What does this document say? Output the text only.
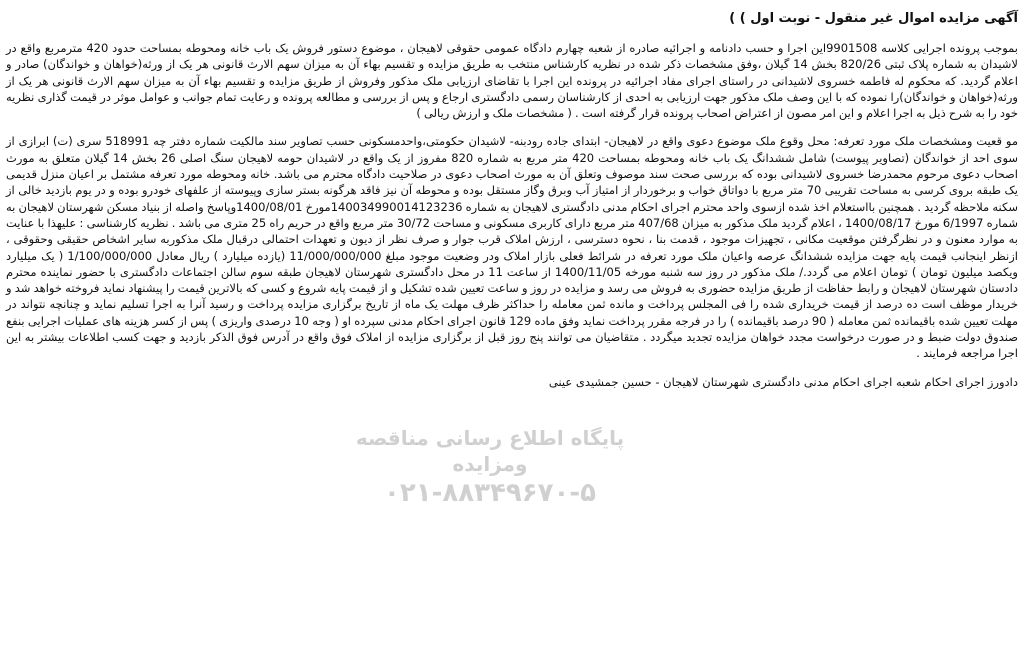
آگهی مزایده اموال غیر منقول - نوبت اول ) )
بموجب پرونده اجرایی کلاسه 9901508این اجرا و حسب دادنامه و اجرائیه صادره از شعبه چهارم دادگاه عمومی حقوقی لاهیجان ، موضوع دستور فروش یک باب خانه ومحوطه بمساحت حدود 420 مترمربع واقع در لاشیدان به شماره پلاک ثبتی 820/26 بخش 14 گیلان ،وفق مشخصات ذکر شده در نظریه کارشناس منتخب به طریق مزایده و تقسیم بهاء آن به میزان سهم الارث قانونی هر یک از ورثه(خواهان و خواندگان) صادر و اعلام گردید. که محکوم له فاطمه خسروی لاشیدانی در راستای اجرای مفاد اجرائیه در پرونده این اجرا با تقاضای ارزیابی ملک مذکور وفروش از طریق مزایده و تقسیم بهاء آن به میزان سهم الارث قانونی هر یک از ورثه(خواهان و خواندگان)را نموده که با این وصف ملک مذکور جهت ارزیابی به احدی از کارشناسان رسمی دادگستری ارجاع و پس از بررسی و مطالعه پرونده و رعایت تمام جوانب و عوامل موثر در قیمت گذاری نظریه خود را به شرح ذیل به اجرا اعلام و این امر مصون از اعتراض اصحاب پرونده قرار گرفته است . ( مشخصات ملک و ارزش ریالی )
مو قعیت ومشخصات ملک مورد تعرفه: محل وقوع ملک موضوع دعوی واقع در لاهیجان- ابتدای جاده رودبنه- لاشیدان حکومتی،واحدمسکونی حسب تصاویر سند مالکیت شماره دفتر چه 518991 سری (ت) ابرازی از سوی احد از خواندگان (تصاویر پیوست) شامل ششدانگ یک باب خانه ومحوطه بمساحت 420 متر مربع به شماره 820 مفروز از یک واقع در لاشیدان حومه لاهیجان سنگ اصلی 26 بخش 14 گیلان متعلق به مورث اصحاب دعوی مرحوم محمدرضا خسروی لاشیدانی بوده که بررسی صحت سند موصوف وتعلق آن به مورث اصحاب دعوی در صلاحیت دادگاه محترم می باشد. خانه ومحوطه مورد تعرفه مشتمل بر اعیان منزل قدیمی یک طبقه بروی کرسی به مساحت تقریبی 70 متر مربع با دواتاق خواب و برخوردار از امتیاز آب وبرق وگاز مستقل بوده و محوطه آن نیز فاقد هرگونه بستر سازی وپیوسته از علفهای خودرو بوده و در یوم بازدید خالی از سکنه ملاحظه گردید . همچنین بااستعلام اخذ شده ازسوی واحد محترم اجرای احکام مدنی دادگستری لاهیجان به شماره 140034990014123236مورخ 1400/08/01وپاسخ واصله از بنیاد مسکن شهرستان لاهیجان به شماره 6/1997 مورخ 1400/08/17 ، اعلام گردید ملک مذکور به میزان 407/68 متر مربع دارای کاربری مسکونی و مساحت 30/72 متر مربع واقع در حریم راه 25 متری می باشد . نظریه کارشناسی : علیهذا با عنایت به موارد معنون و در نظرگرفتن موقعیت مکانی ، تجهیزات موجود ، قدمت بنا ، نحوه دسترسی ، ارزش املاک قرب جوار و صرف نظر از دیون و تعهدات احتمالی درقبال ملک مذکوربه سایر اشخاص حقیقی وحقوقی ، ازنظر اینجانب قیمت پایه جهت مزایده ششدانگ عرصه واعیان ملک مورد تعرفه در شرائط فعلی بازار املاک ودر وضعیت موجود مبلغ 11/000/000/000 (یازده میلیارد ) ریال معادل 1/100/000/000 ( یک میلیارد ویکصد میلیون تومان ) تومان اعلام می گردد./ ملک مذکور در روز سه شنبه مورخه 1400/11/05 از ساعت 11 در محل دادگستری شهرستان لاهیجان طبقه سوم سالن اجتماعات دادگستری با حضور نماینده محترم دادستان شهرستان لاهیجان و رابط حفاظت از طریق مزایده حضوری به فروش می رسد و مزایده در روز و ساعت تعیین شده تشکیل و از قیمت پایه شروع و کسی که بالاترین قیمت را پیشنهاد نماید فروخته خواهد شد و خریدار موظف است ده درصد از قیمت خریداری شده را فی المجلس پرداخت و مانده ثمن معامله را حداکثر ظرف مهلت یک ماه از تاریخ برگزاری مزایده پرداخت و رسید آنرا به اجرا تسلیم نماید و چنانچه نتواند در مهلت تعیین شده باقیمانده ثمن معامله ( 90 درصد باقیمانده ) را در فرجه مقرر پرداخت نماید وفق ماده 129 قانون اجرای احکام مدنی سپرده او ( وجه 10 درصدی واریزی ) پس از کسر هزینه های عملیات اجرایی بنفع صندوق دولت ضبط و در صورت درخواست مجدد خواهان مزایده تجدید میگردد . متقاضیان می توانند پنج روز قبل از برگزاری مزایده از املاک فوق واقع در آدرس فوق الذکر بازدید و جهت کسب اطلاعات بیشتر به این اجرا مراجعه فرمایند .
دادورز اجرای احکام شعبه اجرای احکام مدنی دادگستری شهرستان لاهیجان - حسین جمشیدی عینی
پایگاه اطلاع رسانی مناقصه ومزایده
۰۲۱-۸۸۳۴۹۶۷۰-۵
